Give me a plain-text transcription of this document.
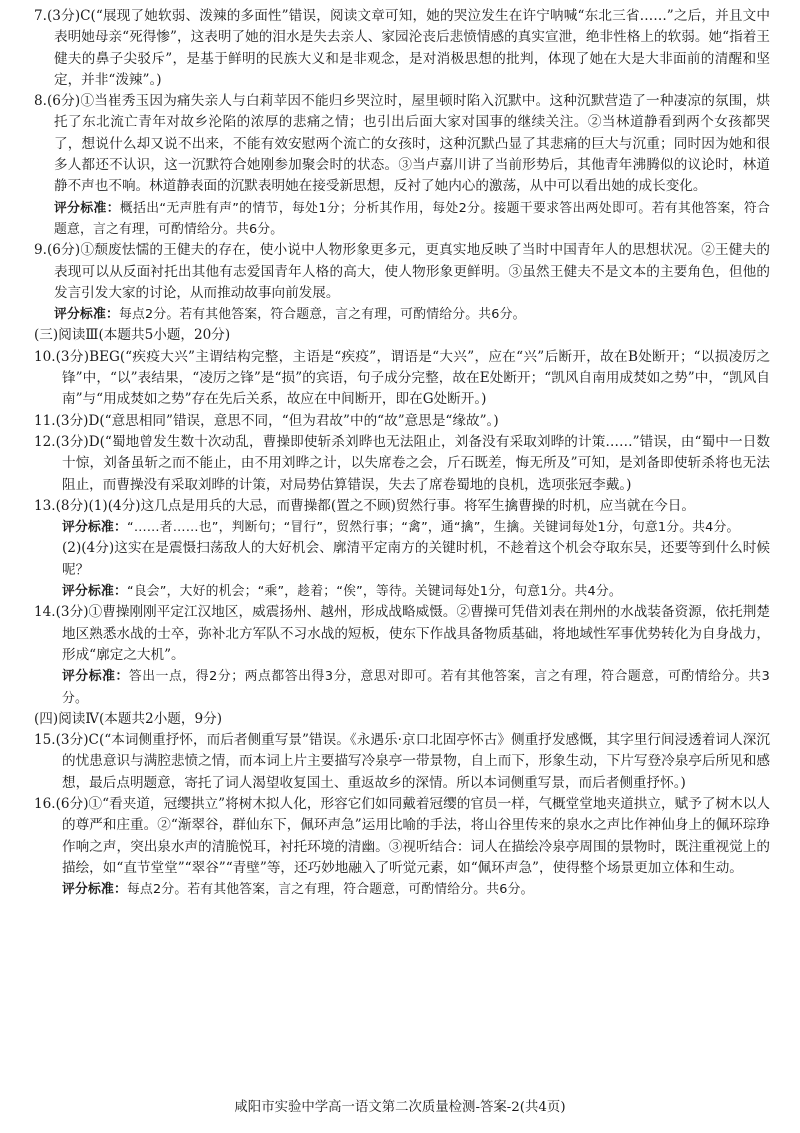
7.(3分)C(“展现了她软弱、泼辣的多面性”错误，阅读文章可知，她的哭泣发生在许宁呐喊“东北三省……”之后，并且文中表明她母亲“死得惨”，这表明了她的泪水是失去亲人、家园沦丧后悲愤情感的真实宣泄，绝非性格上的软弱。她“指着王健夫的鼻子尖驳斥”，是基于鲜明的民族大义和是非观念，是对消极思想的批判，体现了她在大是大非面前的清醒和坚定，并非“泼辣”。)

8.(6分)①当崔秀玉因为痛失亲人与白莉苹因不能归乡哭泣时，屋里顿时陷入沉默中。这种沉默营造了一种凄凉的氛围，烘托了东北流亡青年对故乡沦陷的浓厚的悲痛之情；也引出后面大家对国事的继续关注。②当林道静看到两个女孩都哭了，想说什么却又说不出来，不能有效安慰两个流亡的女孩时，这种沉默凸显了其悲痛的巨大与沉重；同时因为她和很多人都还不认识，这一沉默符合她刚参加聚会时的状态。③当卢嘉川讲了当前形势后，其他青年沸腾似的议论时，林道静不声也不响。林道静表面的沉默表明她在接受新思想，反衬了她内心的激荡，从中可以看出她的成长变化。

评分标准：概括出“无声胜有声”的情节，每处1分；分析其作用，每处2分。接题干要求答出两处即可。若有其他答案，符合题意，言之有理，可酌情给分。共6分。

9.(6分)①颓废怯懦的王健夫的存在，使小说中人物形象更多元，更真实地反映了当时中国青年人的思想状况。②王健夫的表现可以从反面衬托出其他有志爱国青年人格的高大，使人物形象更鲜明。③虽然王健夫不是文本的主要角色，但他的发言引发大家的讨论，从而推动故事向前发展。

评分标准：每点2分。若有其他答案，符合题意，言之有理，可酌情给分。共6分。

(三)阅读Ⅲ(本题共5小题，20分)

10.(3分)BEG(“疾疫大兴”主谓结构完整，主语是“疾疫”，谓语是“大兴”，应在“兴”后断开，故在B处断开；“以损凌厉之锋”中，“以”表结果，“凌厉之锋”是“损”的宾语，句子成分完整，故在E处断开；“凯风自南用成焚如之势”中，“凯风自南”与“用成焚如之势”存在先后关系，故应在中间断开，即在G处断开。)

11.(3分)D(“意思相同”错误，意思不同，“但为君故”中的“故”意思是“缘故”。)

12.(3分)D(“蜀地曾发生数十次动乱，曹操即使斩杀刘晔也无法阻止，刘备没有采取刘晔的计策……”错误，由“蜀中一日数十惊，刘备虽斩之而不能止，由不用刘晔之计，以失席卷之会，斤石既差，悔无所及”可知，是刘备即使斩杀将也无法阻止，而曹操没有采取刘晔的计策，对局势估算错误，失去了席卷蜀地的良机，选项张冠李戴。)

13.(8分)(1)(4分)这几点是用兵的大忌，而曹操都(置之不顾)贸然行事。将军生擒曹操的时机，应当就在今日。

评分标准：“……者……也”，判断句；“冒行”，贸然行事；“禽”，通“擒”，生擒。关键词每处1分，句意1分。共4分。

(2)(4分)这实在是震慑扫荡敌人的大好机会、廓清平定南方的关键时机，不趁着这个机会夺取东吴，还要等到什么时候呢？

评分标准：“良会”，大好的机会；“乘”，趁着；“俟”，等待。关键词每处1分，句意1分。共4分。

14.(3分)①曹操刚刚平定江汉地区，威震扬州、越州，形成战略威慑。②曹操可凭借刘表在荆州的水战装备资源，依托荆楚地区熟悉水战的士卒，弥补北方军队不习水战的短板，使东下作战具备物质基础，将地域性军事优势转化为自身战力，形成“廓定之大机”。

评分标准：答出一点，得2分；两点都答出得3分，意思对即可。若有其他答案，言之有理，符合题意，可酌情给分。共3分。

(四)阅读Ⅳ(本题共2小题，9分)

15.(3分)C(“本词侧重抒怀，而后者侧重写景”错误。《永遇乐·京口北固亭怀古》侧重抒发感慨，其字里行间浸透着词人深沉的忧患意识与满腔悲愤之情，而本词上片主要描写冷泉亭一带景物，自上而下，形象生动，下片写登冷泉亭后所见和感想，最后点明题意，寄托了词人渴望收复国土、重返故乡的深情。所以本词侧重写景，而后者侧重抒怀。)

16.(6分)①“看夹道，冠缨拱立”将树木拟人化，形容它们如同戴着冠缨的官员一样，气概堂堂地夹道拱立，赋予了树木以人的尊严和庄重。②“渐翠谷，群仙东下，佩环声急”运用比喻的手法，将山谷里传来的泉水之声比作神仙身上的佩环琮琤作响之声，突出泉水声的清脆悦耳，衬托环境的清幽。③视听结合：词人在描绘冷泉亭周围的景物时，既注重视觉上的描绘，如“直节堂堂”“翠谷”“青壁”等，还巧妙地融入了听觉元素，如“佩环声急”，使得整个场景更加立体和生动。

评分标准：每点2分。若有其他答案，言之有理，符合题意，可酌情给分。共6分。

咸阳市实验中学高一语文第二次质量检测-答案-2(共4页)
